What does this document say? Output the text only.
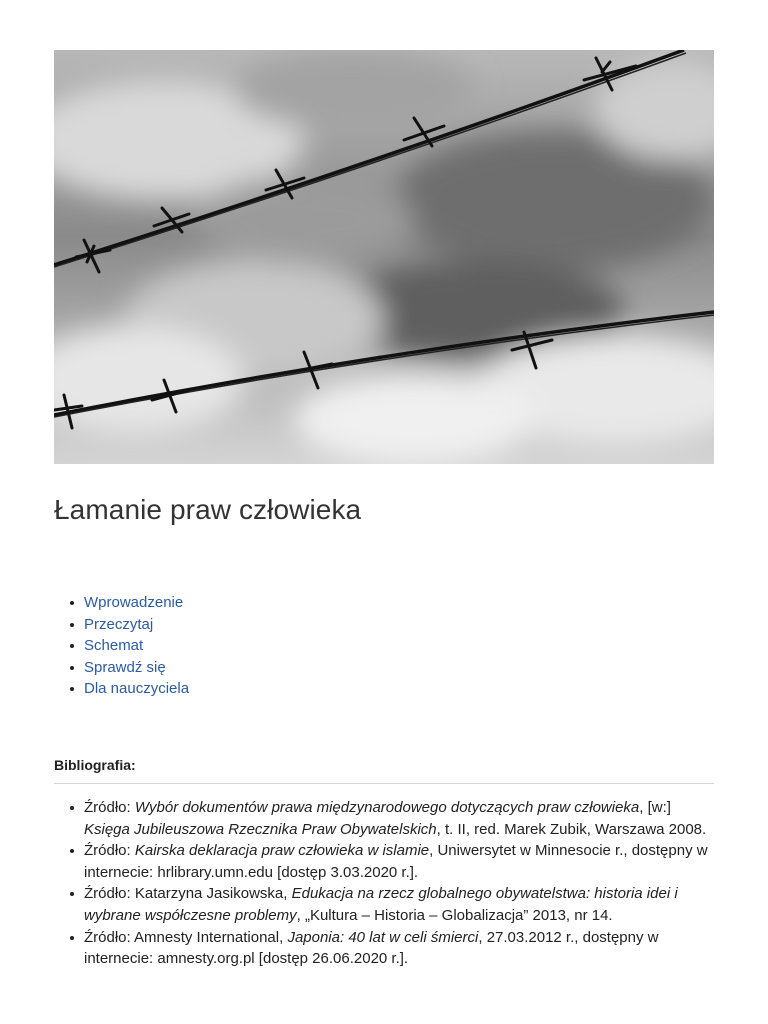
Łamanie praw człowieka
Wprowadzenie
Przeczytaj
Schemat
Sprawdź się
Dla nauczyciela
Bibliografia:
Źródło: Wybór dokumentów prawa międzynarodowego dotyczących praw człowieka, [w:] Księga Jubileuszowa Rzecznika Praw Obywatelskich, t. II, red. Marek Zubik, Warszawa 2008.
Źródło: Kairska deklaracja praw człowieka w islamie, Uniwersytet w Minnesocie r., dostępny w internecie: hrlibrary.umn.edu [dostęp 3.03.2020 r.].
Źródło: Katarzyna Jasikowska, Edukacja na rzecz globalnego obywatelstwa: historia idei i wybrane współczesne problemy, „Kultura – Historia – Globalizacja” 2013, nr 14.
Źródło: Amnesty International, Japonia: 40 lat w celi śmierci, 27.03.2012 r., dostępny w internecie: amnesty.org.pl [dostęp 26.06.2020 r.].
